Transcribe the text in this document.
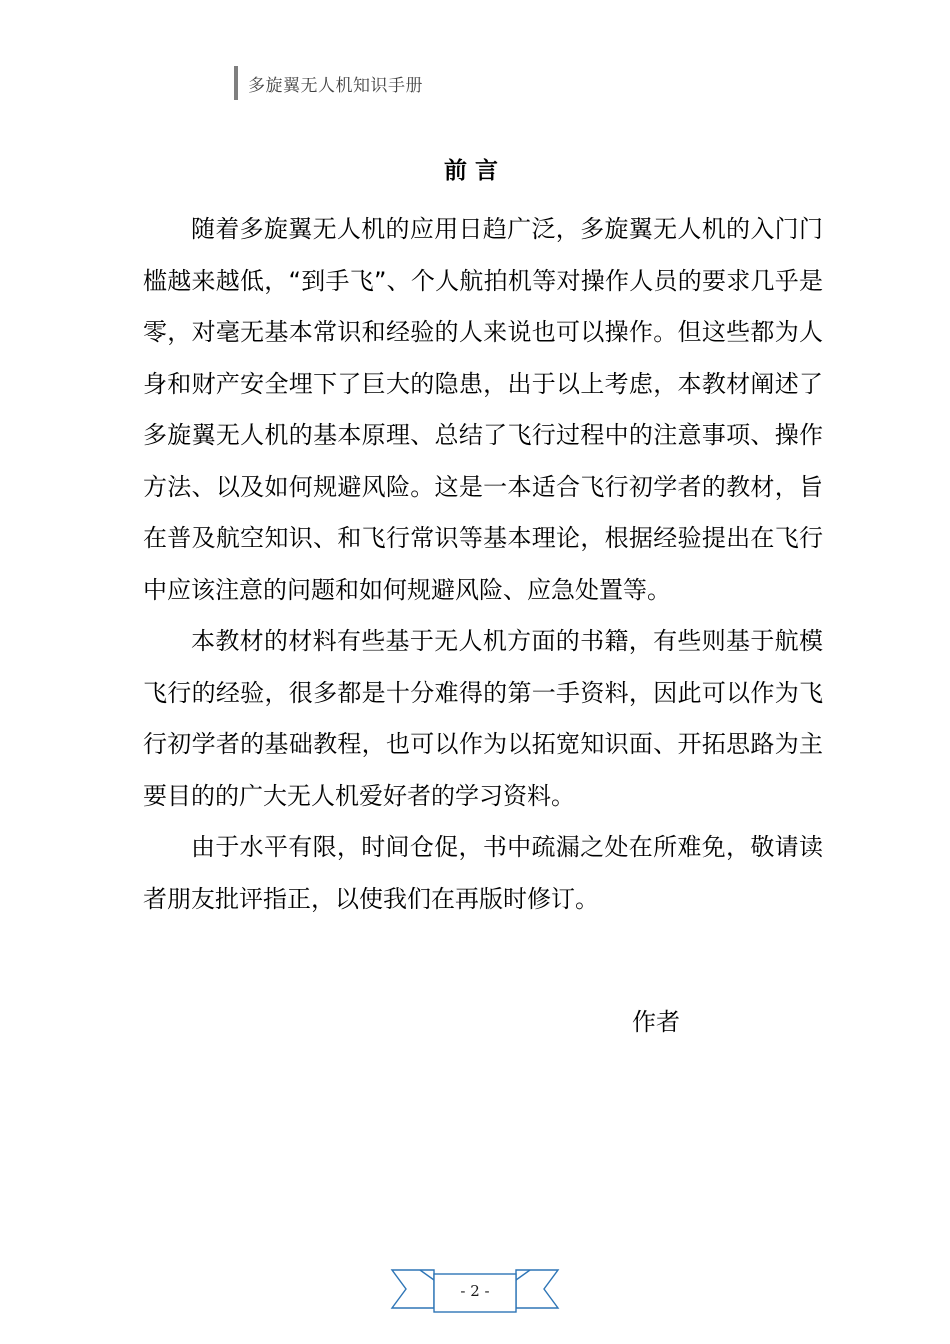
多旋翼无人机知识手册
前言

随着多旋翼无人机的应用日趋广泛，多旋翼无人机的入门门槛越来越低，“到手飞”、个人航拍机等对操作人员的要求几乎是零，对毫无基本常识和经验的人来说也可以操作。但这些都为人身和财产安全埋下了巨大的隐患，出于以上考虑，本教材阐述了多旋翼无人机的基本原理、总结了飞行过程中的注意事项、操作方法、以及如何规避风险。这是一本适合飞行初学者的教材，旨在普及航空知识、和飞行常识等基本理论，根据经验提出在飞行中应该注意的问题和如何规避风险、应急处置等。

本教材的材料有些基于无人机方面的书籍，有些则基于航模飞行的经验，很多都是十分难得的第一手资料，因此可以作为飞行初学者的基础教程，也可以作为以拓宽知识面、开拓思路为主要目的的广大无人机爱好者的学习资料。

由于水平有限，时间仓促，书中疏漏之处在所难免，敬请读者朋友批评指正，以使我们在再版时修订。

作者
- 2 -
